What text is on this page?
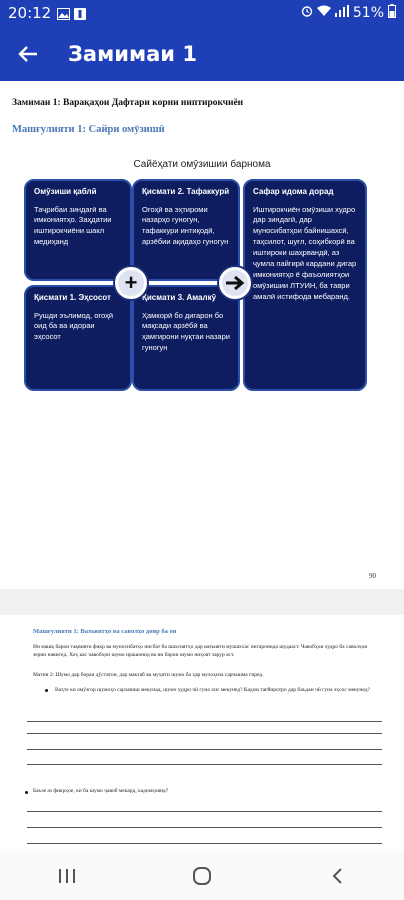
20:12	51%
Замимаи 1
Замимаи 1: Варақаҳои Дафтари корни ниптирокчиён
Машғулияти 1: Сайри омӯзишӣ
Сайёҳати омӯзишии барнома
Омӯзиши қаблӣ
Таҷрибаи зиндагӣ ва имкониятҳо. Заҳдатии иштирокчиёни шакл медиҳанд
Қисмати 2. Тафаккурӣ
Огоҳӣ ва эҳтироми назарҳо гуногун, тафаккури интиқодӣ, арзёбии ақидаҳо гуногун
Сафар идома дорад
Иштирокчиён омӯзиши худро дар зиндагӣ, дар муносибатҳои байнишахсӣ, таҳсилот, шуғл, соҳибкорӣ ва иштироки шаҳрвандӣ, аз ҷумла пайгирӣ кардани дигар имкониятҳо ё фаъолиятҳои омӯзишии ЛТУИН, ба таври амалӣ истифода мебаранд.
Қисмати 1. Эҳсосот
Рушди эълимод, огоҳӣ оид ба ва идораи эҳсосот
Қисмати 3. Амалкӯ
Ҳамкорӣ бо дигарон бо мақсади арзёбӣ ва ҳамгирони нуқтаи назари гуногун
+
90
Машғулияти 1: Вазъиятҳо ва саволҳо доир ба он
Ин машқ барои тақвияти фикр ва муносибатҳо нисбат ба шахсиятҳо дар вазъияти мушаххас нигаронида шудааст. Чавобҳои худро ба саволҳои зерин нависед. Хоҳ кас чавобҳои шумо ирашонид ва ин барои шумо ниҳоят зарур аст.
Матни 2: Шумо дар бораи дӯстатон, дар мактаб ва муҳити шумо ба ҳар мулоҳиза сарчашма гиред.
Ваҳте ки омӯзгор шумоҳо сарзаниш мекунад, шумо худро чӣ гуна хис мекунед? Кадом тағйиротро дар баъдан чӣ гуна эҳсос мекунед?
Баъзе аз фикрҳое, ки ба шумо ҷавоб мекард, кадомҳоянд?
